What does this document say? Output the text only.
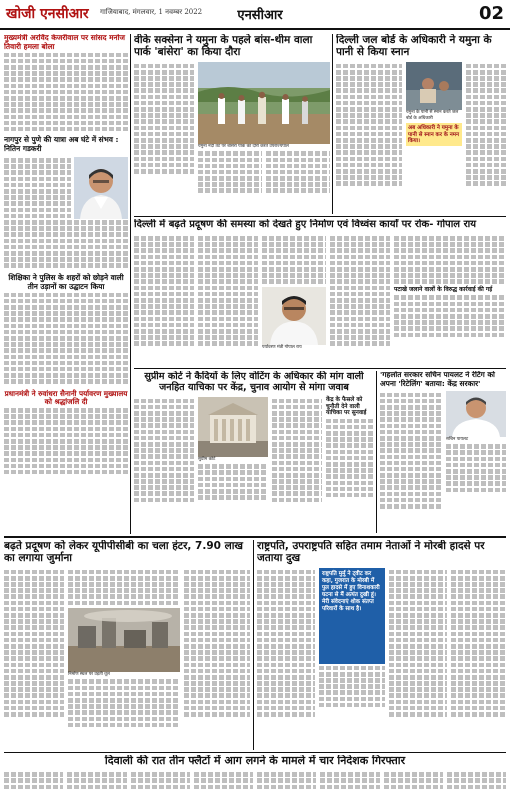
खोजी एनसीआर गाजियाबाद, मंगलवार, 1 नवम्बर 2022	एनसीआर	02
मुख्यमंत्री अरविंद केजरीवाल पर सांसद मनोज तिवारी हमला बोला
नागपुर से पुणे की यात्रा अब घंटे में संभव : नितिन गडकरी
शिक्षिका ने पुलिस के शहरों को छोड़ने वाली तीन उड़ानों का उद्घाटन किया
प्रधानमंत्री ने रुवांधरा सैनानी पर्यावरण मुख्यालय को श्रद्धांजलि दी
वीके सक्सेना ने यमुना के पहले बांस-थीम वाला पार्क 'बांसेरा' का किया दौरा
यमुना नदी तट पर बांसेरा पार्क का दौरा करते उपराज्यपाल
दिल्ली जल बोर्ड के अधिकारी ने यमुना के पानी से किया स्नान
यमुना के पानी से स्नान करते जल बोर्ड के अधिकारी
अब अधिकारी ने यमुना के पानी से स्नान कर के नमन किया।
दिल्ली में बढ़ते प्रदूषण की समस्या को देखते हुए निर्माण एवं विध्वंस कार्यों पर रोक- गोपाल राय
पर्यावरण मंत्री गोपाल राय
पटाखे जलाने वालों के विरुद्ध कार्रवाई की गई
सुप्रीम कोर्ट ने कैदियों के लिए वोटिंग के अधिकार की मांग वाली जनहित याचिका पर केंद्र, चुनाव आयोग से मांगा जवाब
सुप्रीम कोर्ट
केंद्र के फैसले को चुनौती देने वाली याचिका पर सुनवाई
'गहलोत सरकार सचिन पायलट ने रेटिंग को अपना 'रिटेलिंग' बताया: केंद्र सरकार'
सचिन पायलट
बढ़ते प्रदूषण को लेकर यूपीपीसीबी का चला हंटर, 7.90 लाख का लगाया जुर्माना
निर्माण स्थल पर उड़ती धूल
राष्ट्रपति, उपराष्ट्रपति सहित तमाम नेताओं ने मोरबी हादसे पर जताया दुख
राष्ट्रपति मुर्मु ने ट्वीट कर कहा, गुजरात के मोरबी में पुल हादसे में हुए विनाशकारी घटना से मैं अत्यंत दुखी हूं। मेरी संवेदनाएं शोक संतप्त परिवारों के साथ है।
दिवाली की रात तीन फ्लैटों में आग लगने के मामले में चार निदेशक गिरफ्तार
